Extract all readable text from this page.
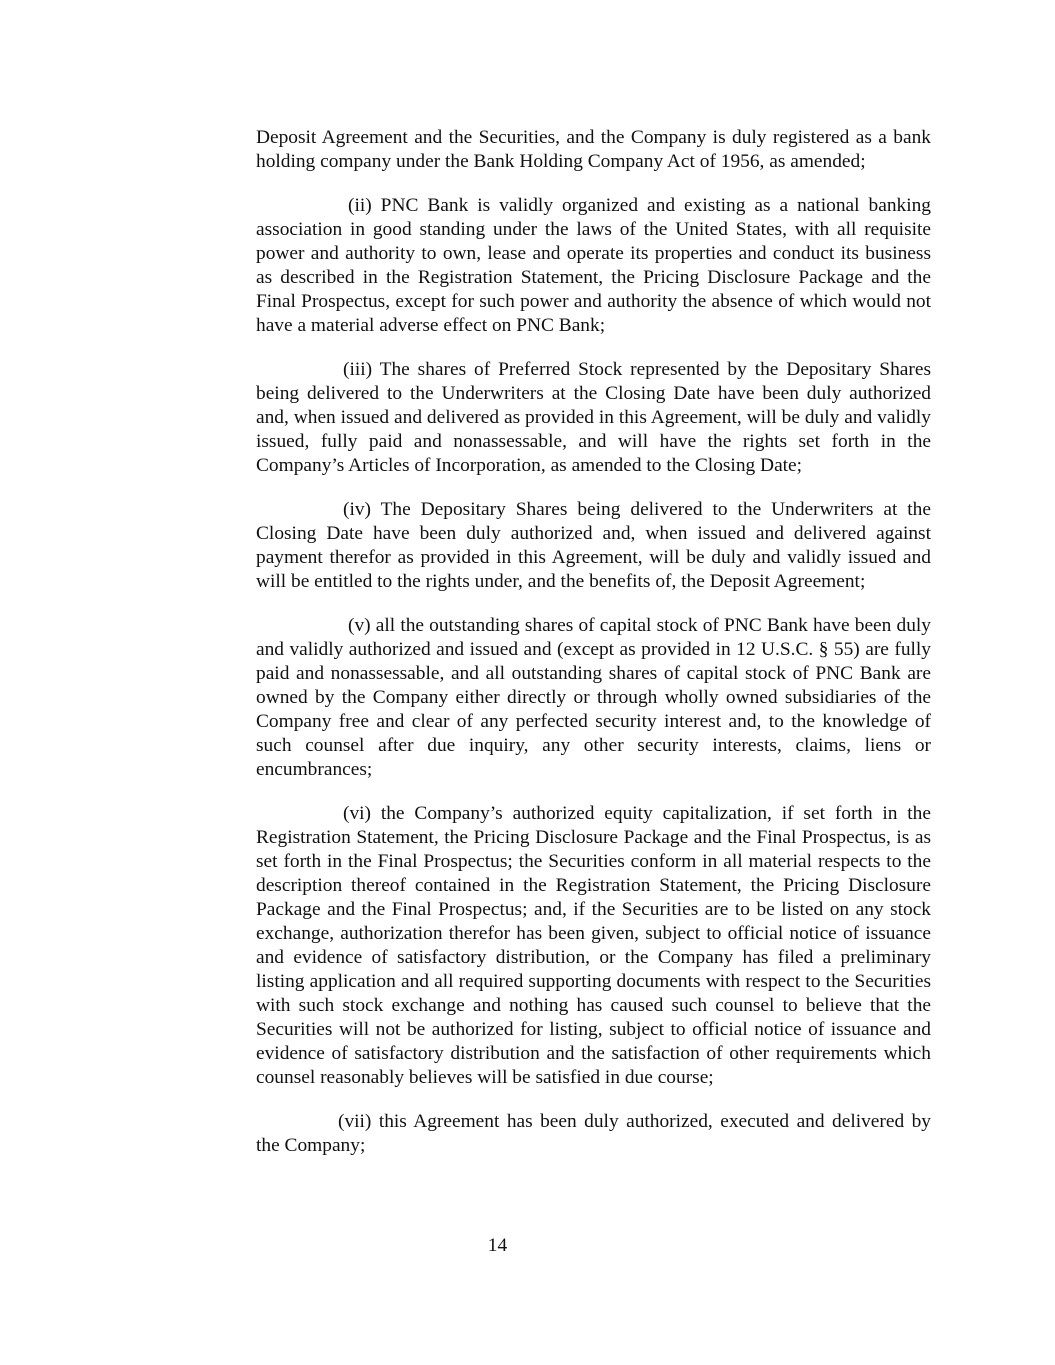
Deposit Agreement and the Securities, and the Company is duly registered as a bank holding company under the Bank Holding Company Act of 1956, as amended;

(ii) PNC Bank is validly organized and existing as a national banking association in good standing under the laws of the United States, with all requisite power and authority to own, lease and operate its properties and conduct its business as described in the Registration Statement, the Pricing Disclosure Package and the Final Prospectus, except for such power and authority the absence of which would not have a material adverse effect on PNC Bank;

(iii) The shares of Preferred Stock represented by the Depositary Shares being delivered to the Underwriters at the Closing Date have been duly authorized and, when issued and delivered as provided in this Agreement, will be duly and validly issued, fully paid and nonassessable, and will have the rights set forth in the Company’s Articles of Incorporation, as amended to the Closing Date;

(iv) The Depositary Shares being delivered to the Underwriters at the Closing Date have been duly authorized and, when issued and delivered against payment therefor as provided in this Agreement, will be duly and validly issued and will be entitled to the rights under, and the benefits of, the Deposit Agreement;

(v) all the outstanding shares of capital stock of PNC Bank have been duly and validly authorized and issued and (except as provided in 12 U.S.C. § 55) are fully paid and nonassessable, and all outstanding shares of capital stock of PNC Bank are owned by the Company either directly or through wholly owned subsidiaries of the Company free and clear of any perfected security interest and, to the knowledge of such counsel after due inquiry, any other security interests, claims, liens or encumbrances;

(vi) the Company’s authorized equity capitalization, if set forth in the Registration Statement, the Pricing Disclosure Package and the Final Prospectus, is as set forth in the Final Prospectus; the Securities conform in all material respects to the description thereof contained in the Registration Statement, the Pricing Disclosure Package and the Final Prospectus; and, if the Securities are to be listed on any stock exchange, authorization therefor has been given, subject to official notice of issuance and evidence of satisfactory distribution, or the Company has filed a preliminary listing application and all required supporting documents with respect to the Securities with such stock exchange and nothing has caused such counsel to believe that the Securities will not be authorized for listing, subject to official notice of issuance and evidence of satisfactory distribution and the satisfaction of other requirements which counsel reasonably believes will be satisfied in due course;

(vii) this Agreement has been duly authorized, executed and delivered by the Company;

14
